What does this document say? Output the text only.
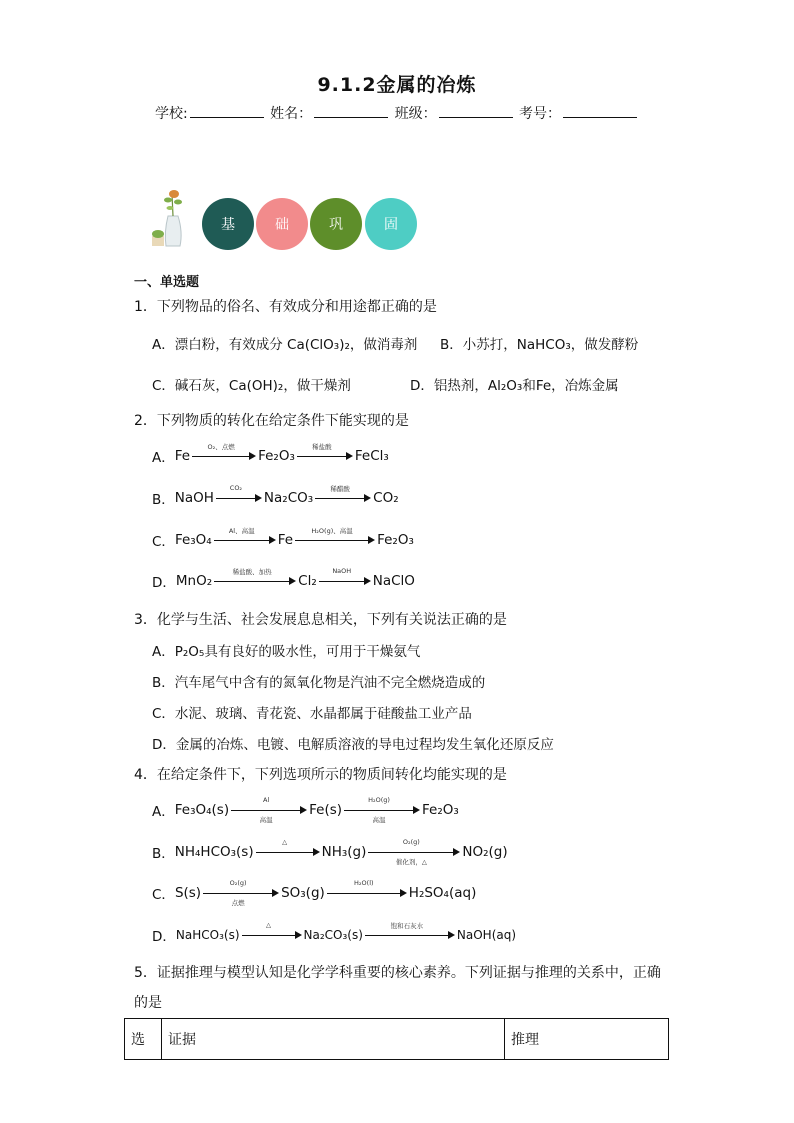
9.1.2金属的冶炼
学校:	姓名：	班级：	考号：
基	础	巩	固
一、单选题
1．下列物品的俗名、有效成分和用途都正确的是
A．漂白粉，有效成分 Ca(ClO₃)₂，做消毒剂 B．小苏打，NaHCO₃，做发酵粉
C．碱石灰，Ca(OH)₂，做干燥剂	D．铝热剂，Al₂O₃和Fe，冶炼金属
2．下列物质的转化在给定条件下能实现的是
A． Fe
O₂、点燃
Fe₂O₃
稀盐酸
FeCl₃
B． NaOH
CO₂
Na₂CO₃
稀醋酸
CO₂
C． Fe₃O₄
Al、高温
Fe
H₂O(g)、高温
Fe₂O₃
D． MnO₂
稀盐酸、加热
Cl₂
NaOH
NaClO
3．化学与生活、社会发展息息相关，下列有关说法正确的是
A．P₂O₅具有良好的吸水性，可用于干燥氨气
B．汽车尾气中含有的氮氧化物是汽油不完全燃烧造成的
C．水泥、玻璃、青花瓷、水晶都属于硅酸盐工业产品
D．金属的冶炼、电镀、电解质溶液的导电过程均发生氧化还原反应
4．在给定条件下，下列选项所示的物质间转化均能实现的是
A． Fe₃O₄(s)
Al
高温
Fe(s)
H₂O(g)
高温
Fe₂O₃
B． NH₄HCO₃(s)
△
NH₃(g)
O₂(g)
催化剂，△
NO₂(g)
C． S(s)
O₂(g)
点燃
SO₃(g)
H₂O(l)
H₂SO₄(aq)
D． NaHCO₃(s)
△
Na₂CO₃(s)
饱和石灰水
NaOH(aq)
5．证据推理与模型认知是化学学科重要的核心素养。下列证据与推理的关系中，正确
的是
选	证据	推理
